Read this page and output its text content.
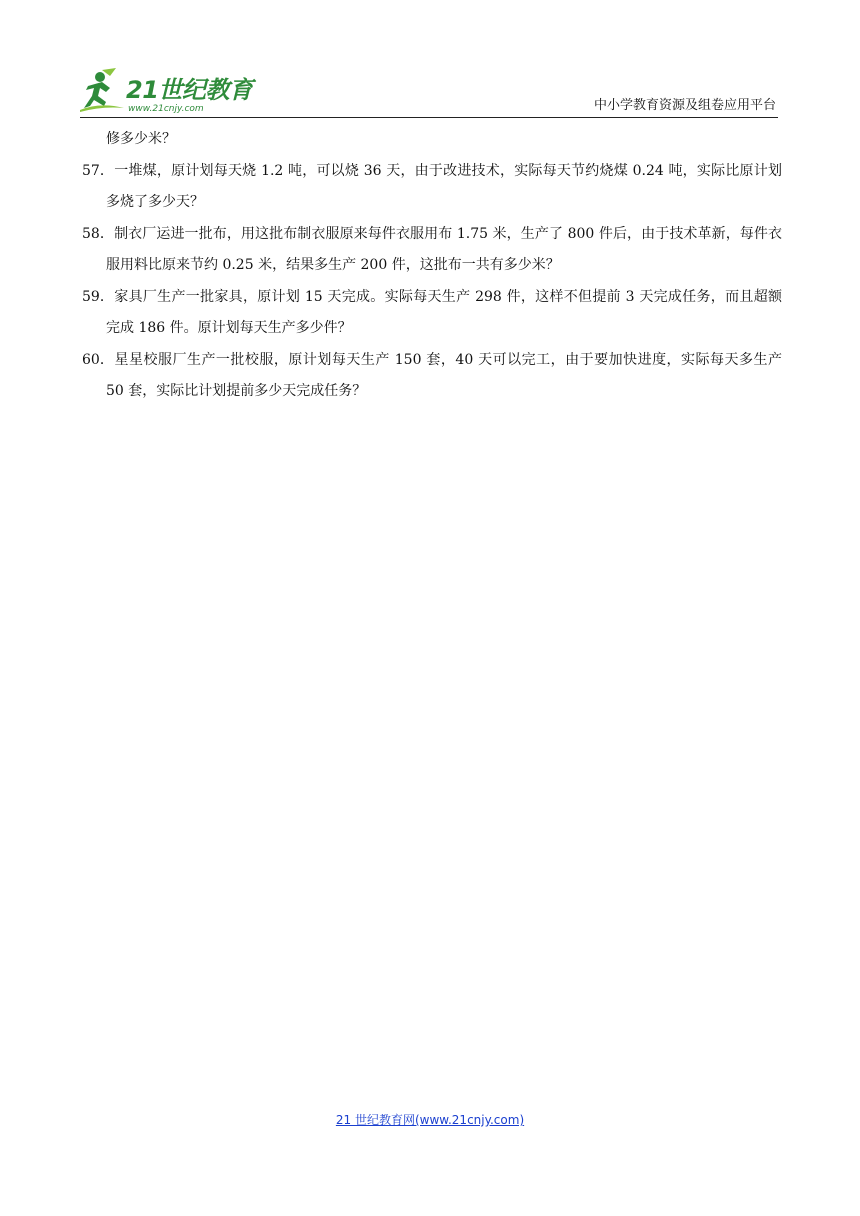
21世纪教育
www.21cnjy.com	中小学教育资源及组卷应用平台

修多少米？

57．一堆煤，原计划每天烧 1.2 吨，可以烧 36 天，由于改进技术，实际每天节约烧煤 0.24 吨，实际比原计划多烧了多少天？

58．制衣厂运进一批布，用这批布制衣服原来每件衣服用布 1.75 米，生产了 800 件后，由于技术革新，每件衣服用料比原来节约 0.25 米，结果多生产 200 件，这批布一共有多少米？

59．家具厂生产一批家具，原计划 15 天完成。实际每天生产 298 件，这样不但提前 3 天完成任务，而且超额完成 186 件。原计划每天生产多少件？

60．星星校服厂生产一批校服，原计划每天生产 150 套，40 天可以完工，由于要加快进度，实际每天多生产 50 套，实际比计划提前多少天完成任务？

21 世纪教育网(www.21cnjy.com)
